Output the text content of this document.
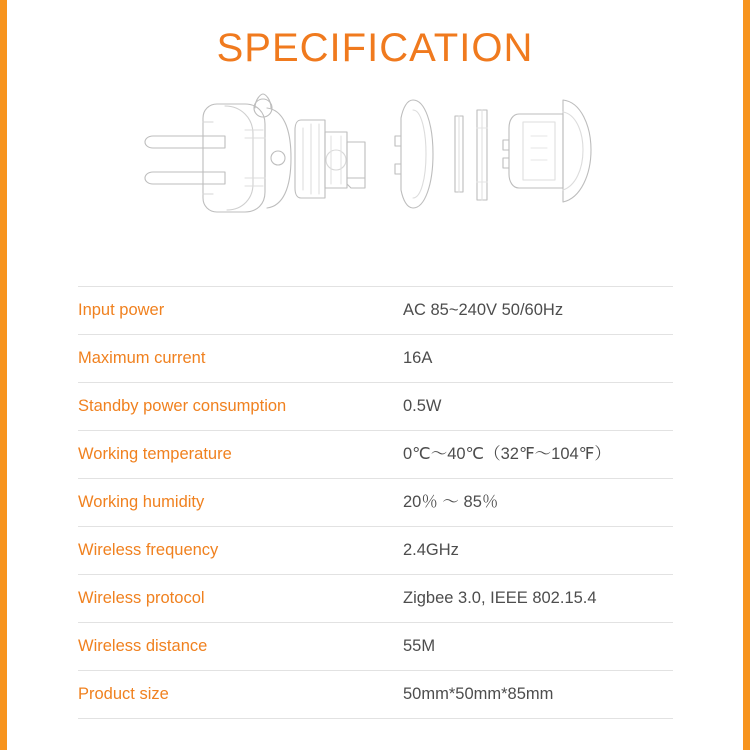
SPECIFICATION
Input power	AC 85~240V 50/60Hz
Maximum current	16A
Standby power consumption	0.5W
Working temperature	0℃～40℃（32℉～104℉）
Working humidity	20％ ～ 85％
Wireless frequency	2.4GHz
Wireless protocol	Zigbee 3.0, IEEE 802.15.4
Wireless distance	55M
Product size	50mm*50mm*85mm
